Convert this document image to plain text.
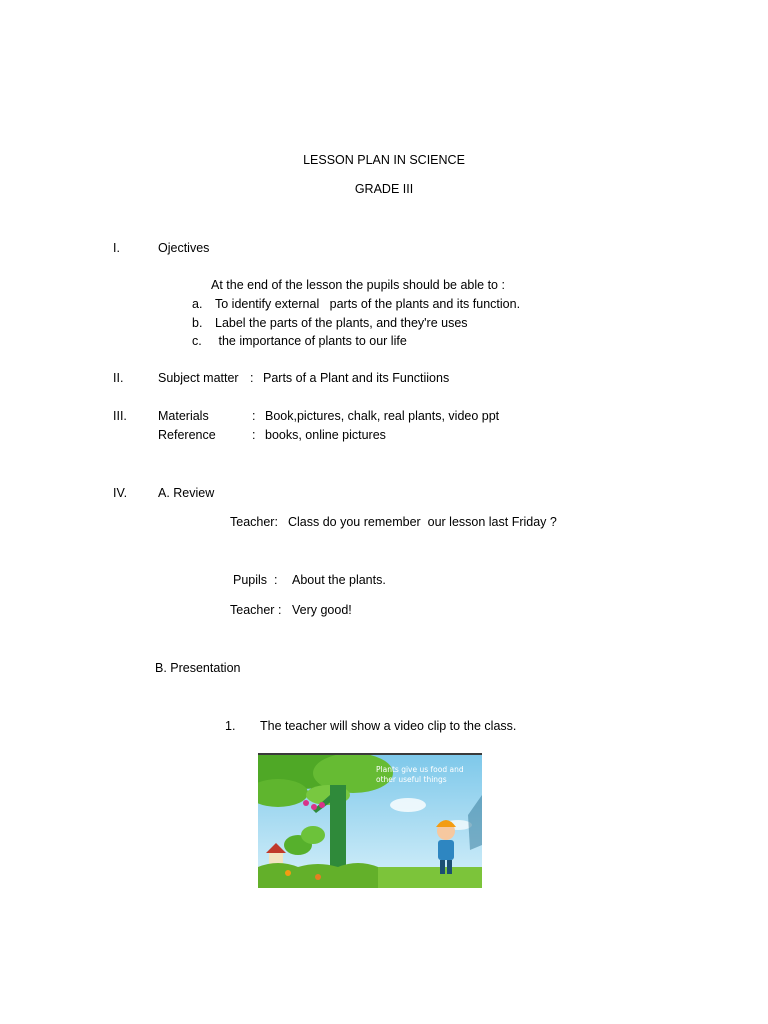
LESSON PLAN IN SCIENCE
GRADE III
I.	Ojectives
At the end of the lesson the pupils should be able to :
a. To identify external   parts of the plants and its function.
b. Label the parts of the plants, and they're uses
c. the importance of plants to our life
II.	Subject matter : Parts of a Plant and its Functiions
III. Materials	: Book,pictures, chalk, real plants, video ppt
Reference	: books, online pictures
IV. A. Review
Teacher: Class do you remember  our lesson last Friday ?
Pupils  : About the plants.
Teacher : Very good!
B. Presentation
1. The teacher will show a video clip to the class.
Plants give us food and other useful things
